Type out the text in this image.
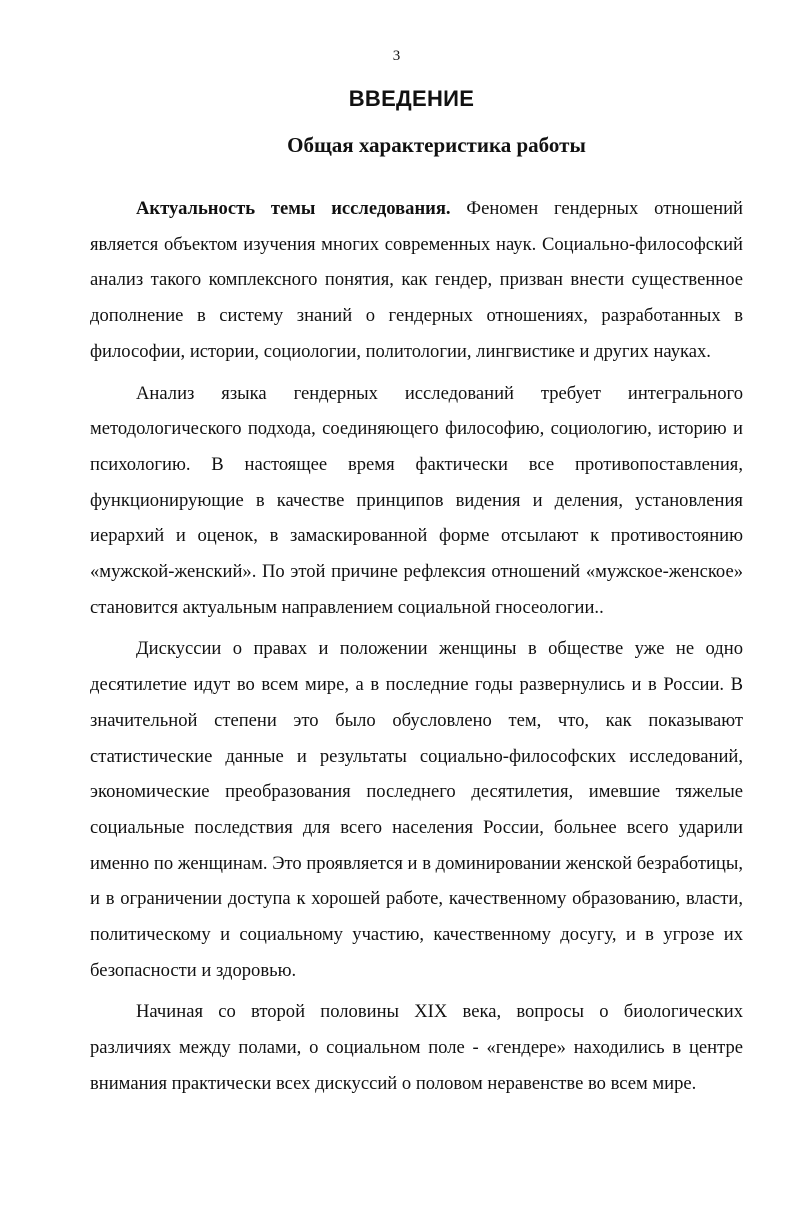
3
ВВЕДЕНИЕ
Общая характеристика работы

Актуальность темы исследования. Феномен гендерных отношений является объектом изучения многих современных наук. Социально-философский анализ такого комплексного понятия, как гендер, призван внести существенное дополнение в систему знаний о гендерных отношениях, разработанных в философии, истории, социологии, политологии, лингвистике и других науках.

Анализ языка гендерных исследований требует интегрального методологического подхода, соединяющего философию, социологию, историю и психологию. В настоящее время фактически все противопоставления, функционирующие в качестве принципов видения и деления, установления иерархий и оценок, в замаскированной форме отсылают к противостоянию «мужской-женский». По этой причине рефлексия отношений «мужское-женское» становится актуальным направлением социальной гносеологии..

Дискуссии о правах и положении женщины в обществе уже не одно десятилетие идут во всем мире, а в последние годы развернулись и в России. В значительной степени это было обусловлено тем, что, как показывают статистические данные и результаты социально-философских исследований, экономические преобразования последнего десятилетия, имевшие тяжелые социальные последствия для всего населения России, больнее всего ударили именно по женщинам. Это проявляется и в доминировании женской безработицы, и в ограничении доступа к хорошей работе, качественному образованию, власти, политическому и социальному участию, качественному досугу, и в угрозе их безопасности и здоровью.

Начиная со второй половины XIX века, вопросы о биологических различиях между полами, о социальном поле - «гендере» находились в центре внимания практически всех дискуссий о половом неравенстве во всем мире.
